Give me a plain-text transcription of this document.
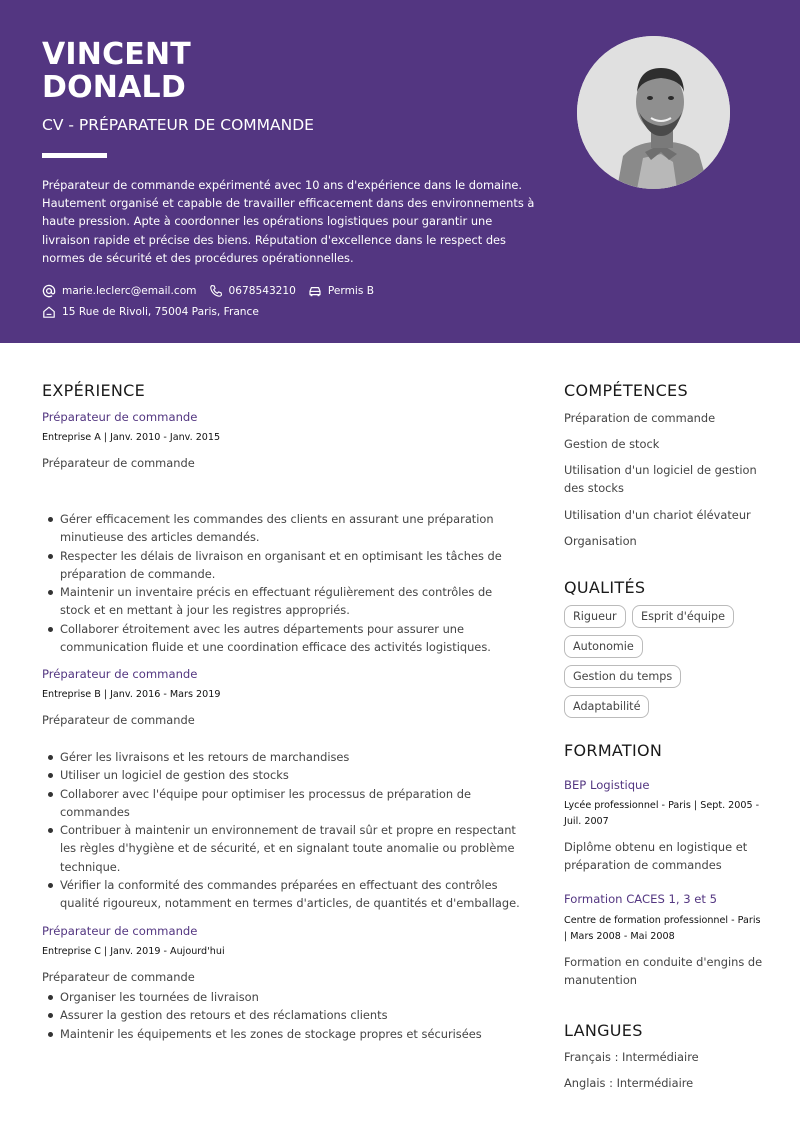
VINCENT
DONALD
CV - PRÉPARATEUR DE COMMANDE
Préparateur de commande expérimenté avec 10 ans d'expérience dans le domaine. Hautement organisé et capable de travailler efficacement dans des environnements à haute pression. Apte à coordonner les opérations logistiques pour garantir une livraison rapide et précise des biens. Réputation d'excellence dans le respect des normes de sécurité et des procédures opérationnelles.
marie.leclerc@email.com	0678543210	Permis B
15 Rue de Rivoli, 75004 Paris, France
EXPÉRIENCE
Préparateur de commande
Entreprise A | Janv. 2010 - Janv. 2015
Préparateur de commande
Gérer efficacement les commandes des clients en assurant une préparation minutieuse des articles demandés.
Respecter les délais de livraison en organisant et en optimisant les tâches de préparation de commande.
Maintenir un inventaire précis en effectuant régulièrement des contrôles de stock et en mettant à jour les registres appropriés.
Collaborer étroitement avec les autres départements pour assurer une communication fluide et une coordination efficace des activités logistiques.
Préparateur de commande
Entreprise B | Janv. 2016 - Mars 2019
Préparateur de commande
Gérer les livraisons et les retours de marchandises
Utiliser un logiciel de gestion des stocks
Collaborer avec l'équipe pour optimiser les processus de préparation de commandes
Contribuer à maintenir un environnement de travail sûr et propre en respectant les règles d'hygiène et de sécurité, et en signalant toute anomalie ou problème technique.
Vérifier la conformité des commandes préparées en effectuant des contrôles qualité rigoureux, notamment en termes d'articles, de quantités et d'emballage.
Préparateur de commande
Entreprise C | Janv. 2019 - Aujourd'hui
Préparateur de commande
Organiser les tournées de livraison
Assurer la gestion des retours et des réclamations clients
Maintenir les équipements et les zones de stockage propres et sécurisées
COMPÉTENCES
Préparation de commande
Gestion de stock
Utilisation d'un logiciel de gestion des stocks
Utilisation d'un chariot élévateur
Organisation
QUALITÉS
Rigueur	Esprit d'équipe
Autonomie
Gestion du temps
Adaptabilité
FORMATION
BEP Logistique
Lycée professionnel - Paris | Sept. 2005 - Juil. 2007
Diplôme obtenu en logistique et préparation de commandes
Formation CACES 1, 3 et 5
Centre de formation professionnel - Paris | Mars 2008 - Mai 2008
Formation en conduite d'engins de manutention
LANGUES
Français : Intermédiaire
Anglais : Intermédiaire
